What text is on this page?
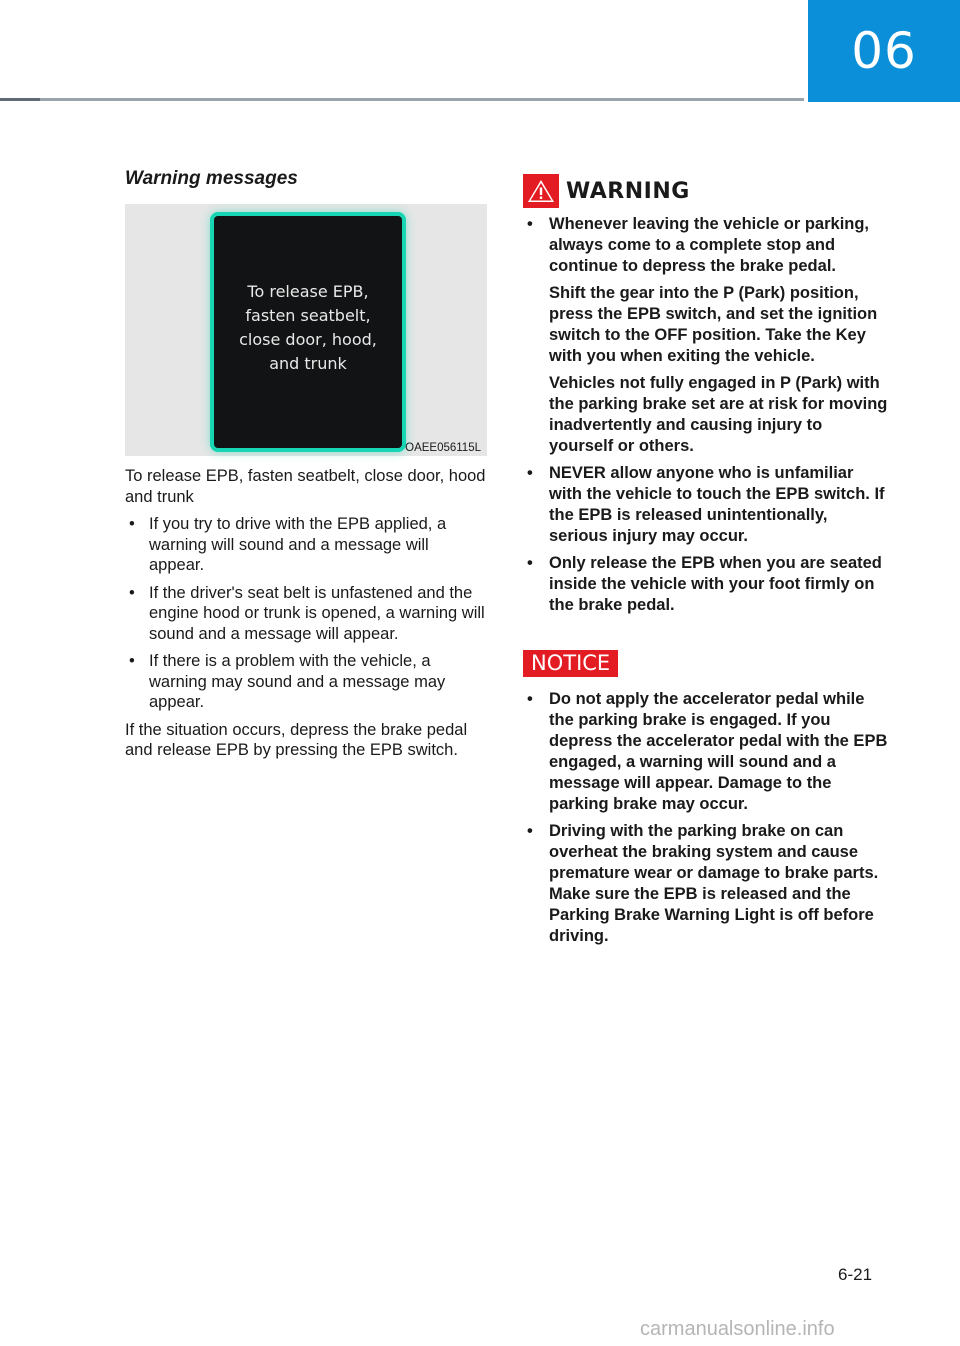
06
Warning messages
To release EPB,
fasten seatbelt,
close door, hood,
and trunk
OAEE056115L

To release EPB, fasten seatbelt, close door, hood and trunk

• If you try to drive with the EPB applied, a warning will sound and a message will appear.
• If the driver's seat belt is unfastened and the engine hood or trunk is opened, a warning will sound and a message will appear.
• If there is a problem with the vehicle, a warning may sound and a message may appear.

If the situation occurs, depress the brake pedal and release EPB by pressing the EPB switch.

WARNING
• Whenever leaving the vehicle or parking, always come to a complete stop and continue to depress the brake pedal.

Shift the gear into the P (Park) position, press the EPB switch, and set the ignition switch to the OFF position. Take the Key with you when exiting the vehicle.

Vehicles not fully engaged in P (Park) with the parking brake set are at risk for moving inadvertently and causing injury to yourself or others.

• NEVER allow anyone who is unfamiliar with the vehicle to touch the EPB switch. If the EPB is released unintentionally, serious injury may occur.
• Only release the EPB when you are seated inside the vehicle with your foot firmly on the brake pedal.
NOTICE
• Do not apply the accelerator pedal while the parking brake is engaged. If you depress the accelerator pedal with the EPB engaged, a warning will sound and a message will appear. Damage to the parking brake may occur.
• Driving with the parking brake on can overheat the braking system and cause premature wear or damage to brake parts. Make sure the EPB is released and the Parking Brake Warning Light is off before driving.
6-21
carmanualsonline.info
